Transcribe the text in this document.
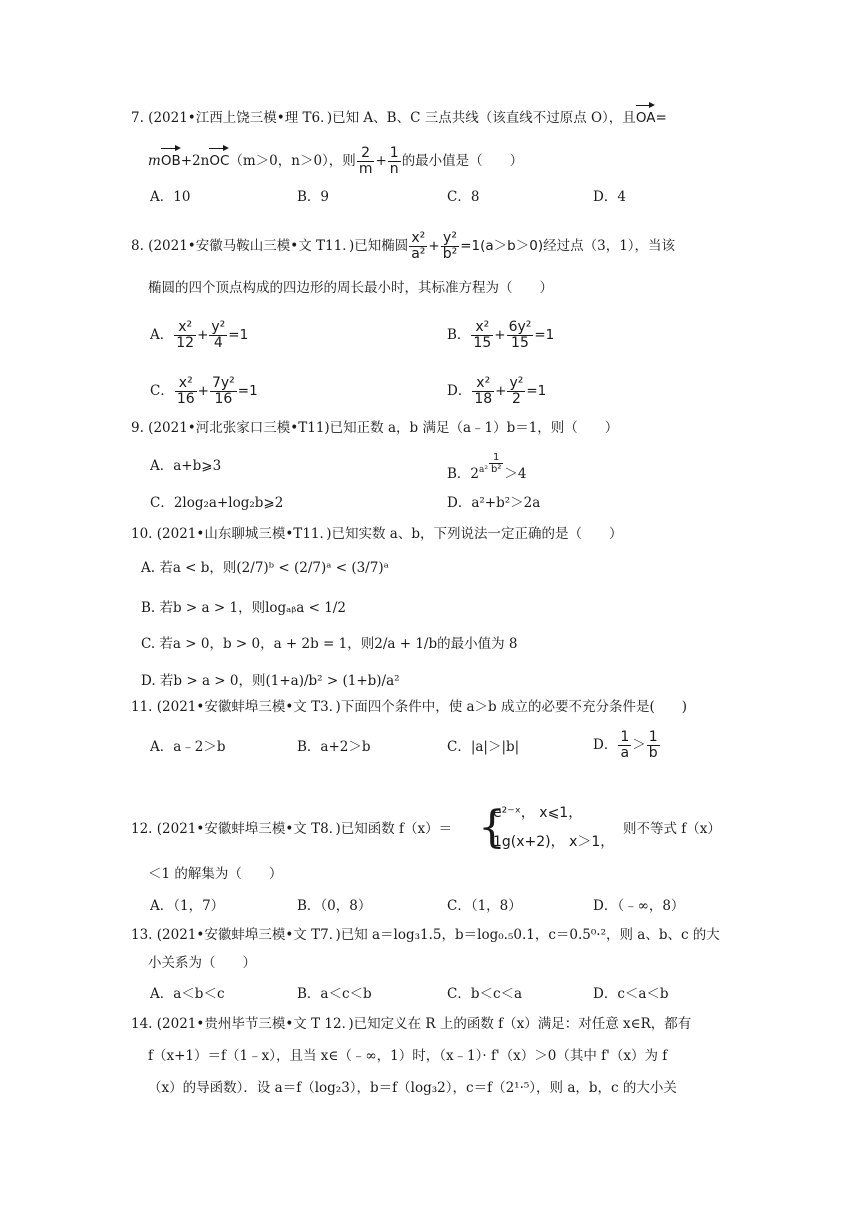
7. (2021•江西上饶三模•理 T6．)已知 A、B、C 三点共线（该直线不过原点 O），且OA=
mOB+2nOC（m＞0，n＞0），则 $\frac{2}{m} + \frac{1}{n}$ 的最小值是（　　）
A．10	B．9	C．8	D．4
8. (2021•安徽马鞍山三模•文 T11．)已知椭圆 $\frac{\text{x²}}{\text{a²}} + \frac{\text{y²}}{\text{b²}} =1(a>b>0)$经过点（3，1），当该
椭圆的四个顶点构成的四边形的周长最小时，其标准方程为（　　）
A． $\frac{\text{x²}}{12} + \frac{\text{y²}}{4} =1$	B． $\frac{\text{x²}}{15} + \frac{\text{6y²}}{15} =1$
C． $\frac{\text{x²}}{16} + \frac{\text{7y²}}{16} =1$	D． $\frac{\text{x²}}{18} + \frac{\text{y²}}{2} =1$
9. (2021•河北张家口三模•T11)已知正数 a，b 满足（a﹣1）b＝1，则（　　）
A．a+b⩾3	B．$2^{a^2} \frac{1}{\text{b²}} >4$
C．2log₂a+log₂b⩾2	D．a²+b²＞2a
10. (2021•山东聊城三模•T11．)已知实数 a、b，下列说法一定正确的是（　　）
A. 若a < b，则(2/7)ᵇ < (2/7)ᵃ < (3/7)ᵃ
B. 若b > a > 1，则logₐᵦa < 1/2
C. 若a > 0，b > 0，a + 2b = 1，则2/a + 1/b的最小值为 8
D. 若b > a > 0，则(1+a)/b² > (1+b)/a²
11. (2021•安徽蚌埠三模•文 T3．)下面四个条件中，使 a＞b 成立的必要不充分条件是(　　)
A．a﹣2＞b	B．a+2＞b	C．|a|＞|b|	D． $\frac{1}{a} > \frac{1}{b}$
12. (2021•安徽蚌埠三模•文 T8．)已知函数 f（x）＝ {
e²⁻ˣ， x⩽1，
1g(x+2)， x＞1，
则不等式 f（x）
＜1 的解集为（　　）
A．（1，7）	B．（0，8）	C．（1，8）	D．（﹣∞，8）
13. (2021•安徽蚌埠三模•文 T7．)已知 a＝log₃1.5，b＝log₀.₅0.1，c＝0.5⁰·²，则 a、b、c 的大
小关系为（　　）
A．a＜b＜c	B．a＜c＜b	C．b＜c＜a	D．c＜a＜b
14. (2021•贵州毕节三模•文 T 12．)已知定义在 R 上的函数 f（x）满足：对任意 x∈R，都有
f（x+1）＝f（1﹣x），且当 x∈（﹣∞，1）时，（x﹣1）· f'（x）＞0（其中 f'（x）为 f
（x）的导函数）．设 a＝f（log₂3），b＝f（log₃2），c＝f（2¹·⁵），则 a，b，c 的大小关
